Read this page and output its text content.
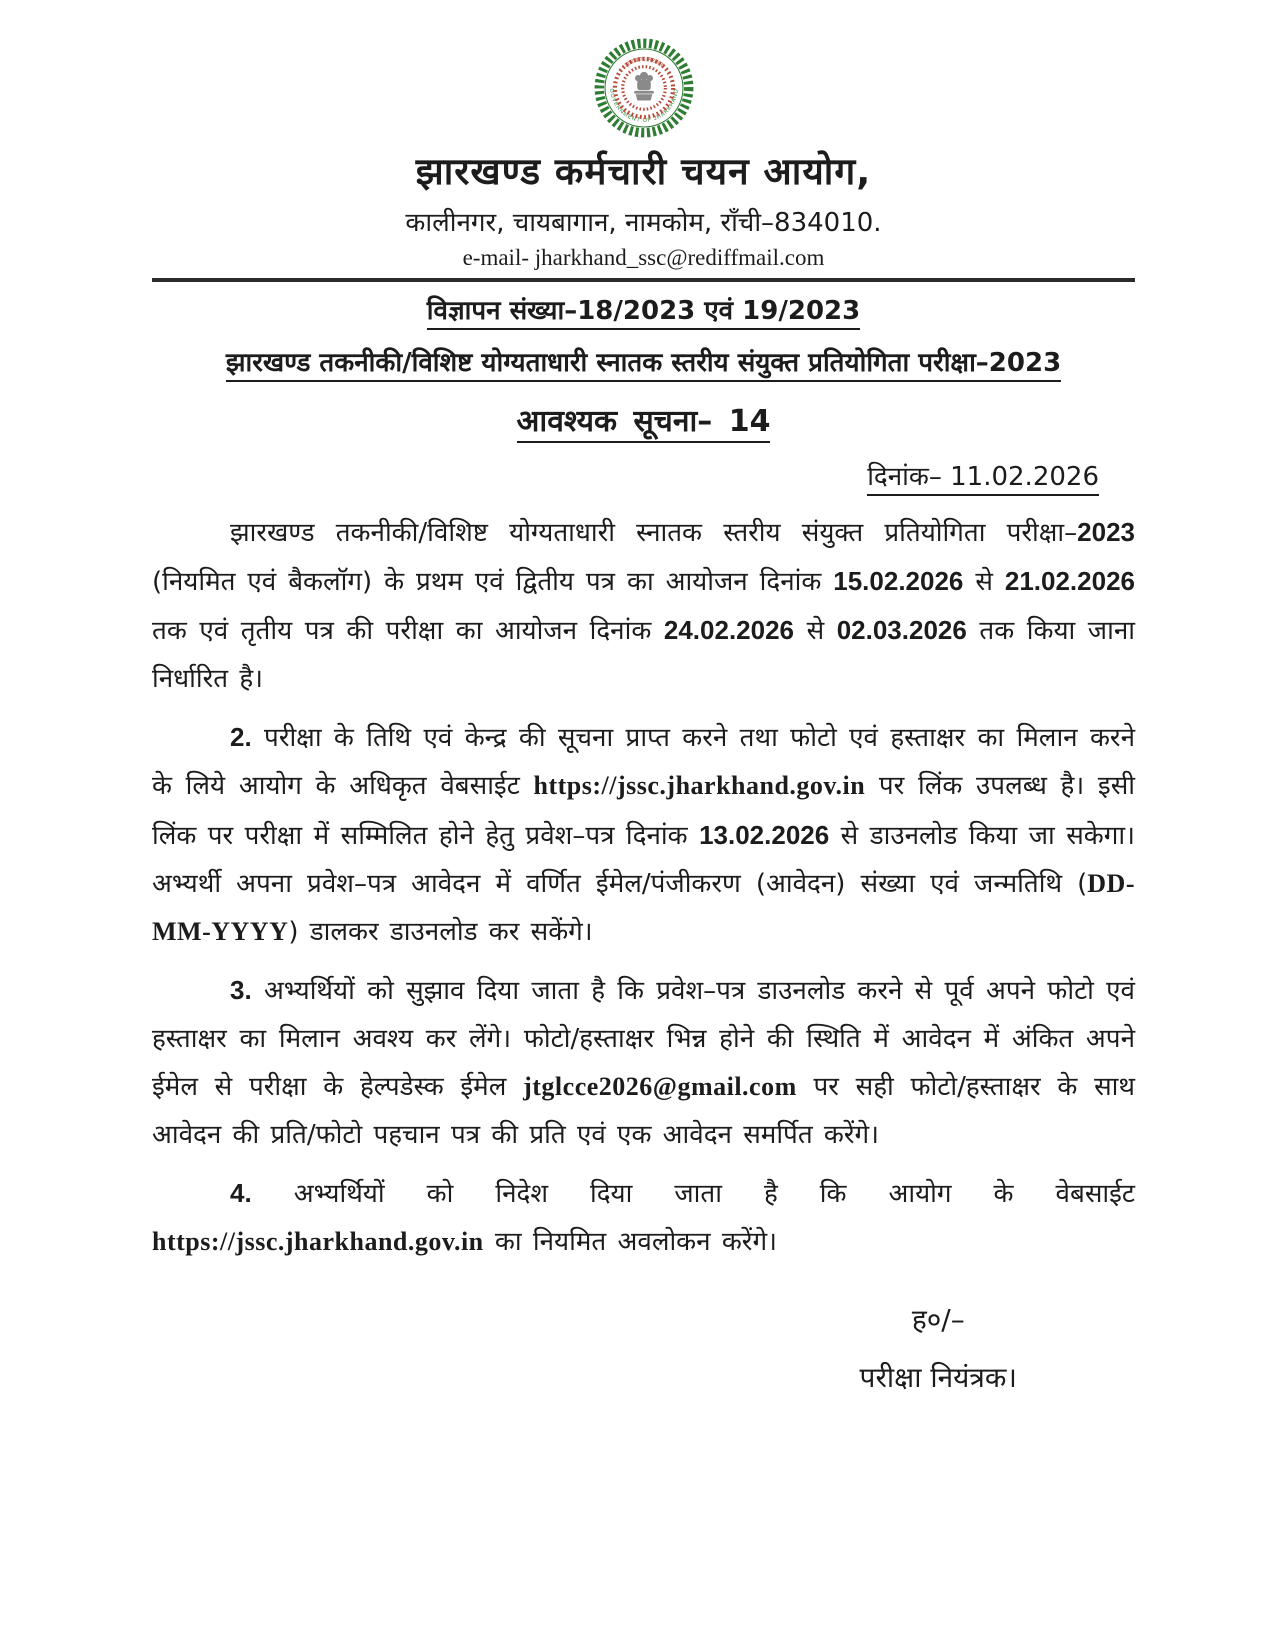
GOVERNMENT OF JHARKHAND
झारखण्ड सरकार
झारखण्ड कर्मचारी चयन आयोग,
कालीनगर, चायबागान, नामकोम, राँची–834010.
e-mail- jharkhand_ssc@rediffmail.com
विज्ञापन संख्या–18/2023 एवं 19/2023
झारखण्ड तकनीकी/विशिष्ट योग्यताधारी स्नातक स्तरीय संयुक्त प्रतियोगिता परीक्षा–2023
आवश्यक सूचना– 14
दिनांक– 11.02.2026

झारखण्ड तकनीकी/विशिष्ट योग्यताधारी स्नातक स्तरीय संयुक्त प्रतियोगिता परीक्षा–2023 (नियमित एवं बैकलॉग) के प्रथम एवं द्वितीय पत्र का आयोजन दिनांक 15.02.2026 से 21.02.2026 तक एवं तृतीय पत्र की परीक्षा का आयोजन दिनांक 24.02.2026 से 02.03.2026 तक किया जाना निर्धारित है।

2. परीक्षा के तिथि एवं केन्द्र की सूचना प्राप्त करने तथा फोटो एवं हस्ताक्षर का मिलान करने के लिये आयोग के अधिकृत वेबसाईट https://jssc.jharkhand.gov.in पर लिंक उपलब्ध है। इसी लिंक पर परीक्षा में सम्मिलित होने हेतु प्रवेश–पत्र दिनांक 13.02.2026 से डाउनलोड किया जा सकेगा। अभ्यर्थी अपना प्रवेश–पत्र आवेदन में वर्णित ईमेल/पंजीकरण (आवेदन) संख्या एवं जन्मतिथि (DD-MM-YYYY) डालकर डाउनलोड कर सकेंगे।

3. अभ्यर्थियों को सुझाव दिया जाता है कि प्रवेश–पत्र डाउनलोड करने से पूर्व अपने फोटो एवं हस्ताक्षर का मिलान अवश्य कर लेंगे। फोटो/हस्ताक्षर भिन्न होने की स्थिति में आवेदन में अंकित अपने ईमेल से परीक्षा के हेल्पडेस्क ईमेल jtglcce2026@gmail.com पर सही फोटो/हस्ताक्षर के साथ आवेदन की प्रति/फोटो पहचान पत्र की प्रति एवं एक आवेदन समर्पित करेंगे।

4. अभ्यर्थियों को निदेश दिया जाता है कि आयोग के वेबसाईट https://jssc.jharkhand.gov.in का नियमित अवलोकन करेंगे।

ह०/–
परीक्षा नियंत्रक।
